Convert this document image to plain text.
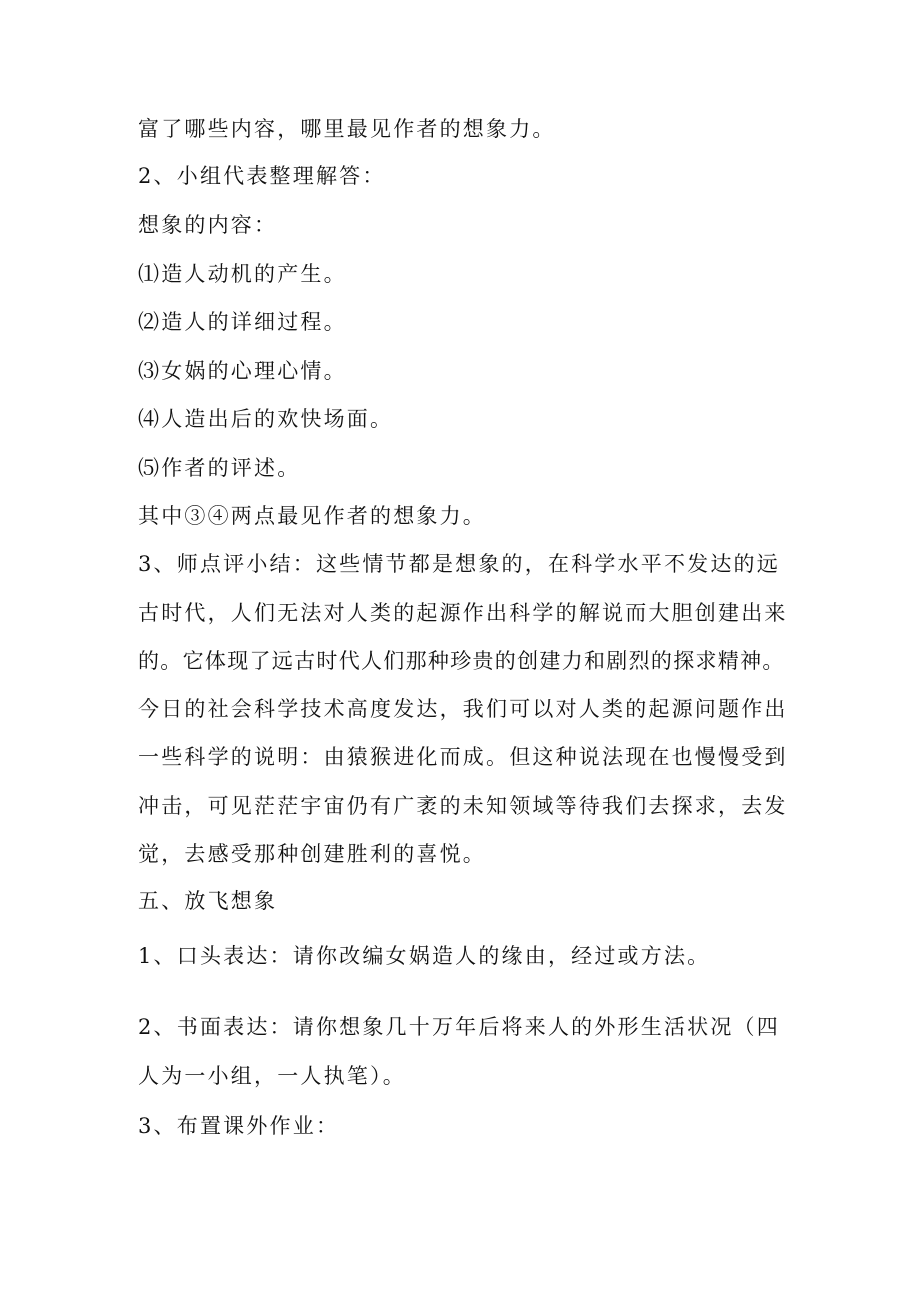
富了哪些内容，哪里最见作者的想象力。
2、小组代表整理解答：
想象的内容：
⑴造人动机的产生。
⑵造人的详细过程。
⑶女娲的心理心情。
⑷人造出后的欢快场面。
⑸作者的评述。
其中③④两点最见作者的想象力。
3、师点评小结：这些情节都是想象的，在科学水平不发达的远
古时代，人们无法对人类的起源作出科学的解说而大胆创建出来
的。它体现了远古时代人们那种珍贵的创建力和剧烈的探求精神。
今日的社会科学技术高度发达，我们可以对人类的起源问题作出
一些科学的说明：由猿猴进化而成。但这种说法现在也慢慢受到
冲击，可见茫茫宇宙仍有广袤的未知领域等待我们去探求，去发
觉，去感受那种创建胜利的喜悦。
五、放飞想象
1、口头表达：请你改编女娲造人的缘由，经过或方法。
2、书面表达：请你想象几十万年后将来人的外形生活状况（四
人为一小组，一人执笔）。
3、布置课外作业：
